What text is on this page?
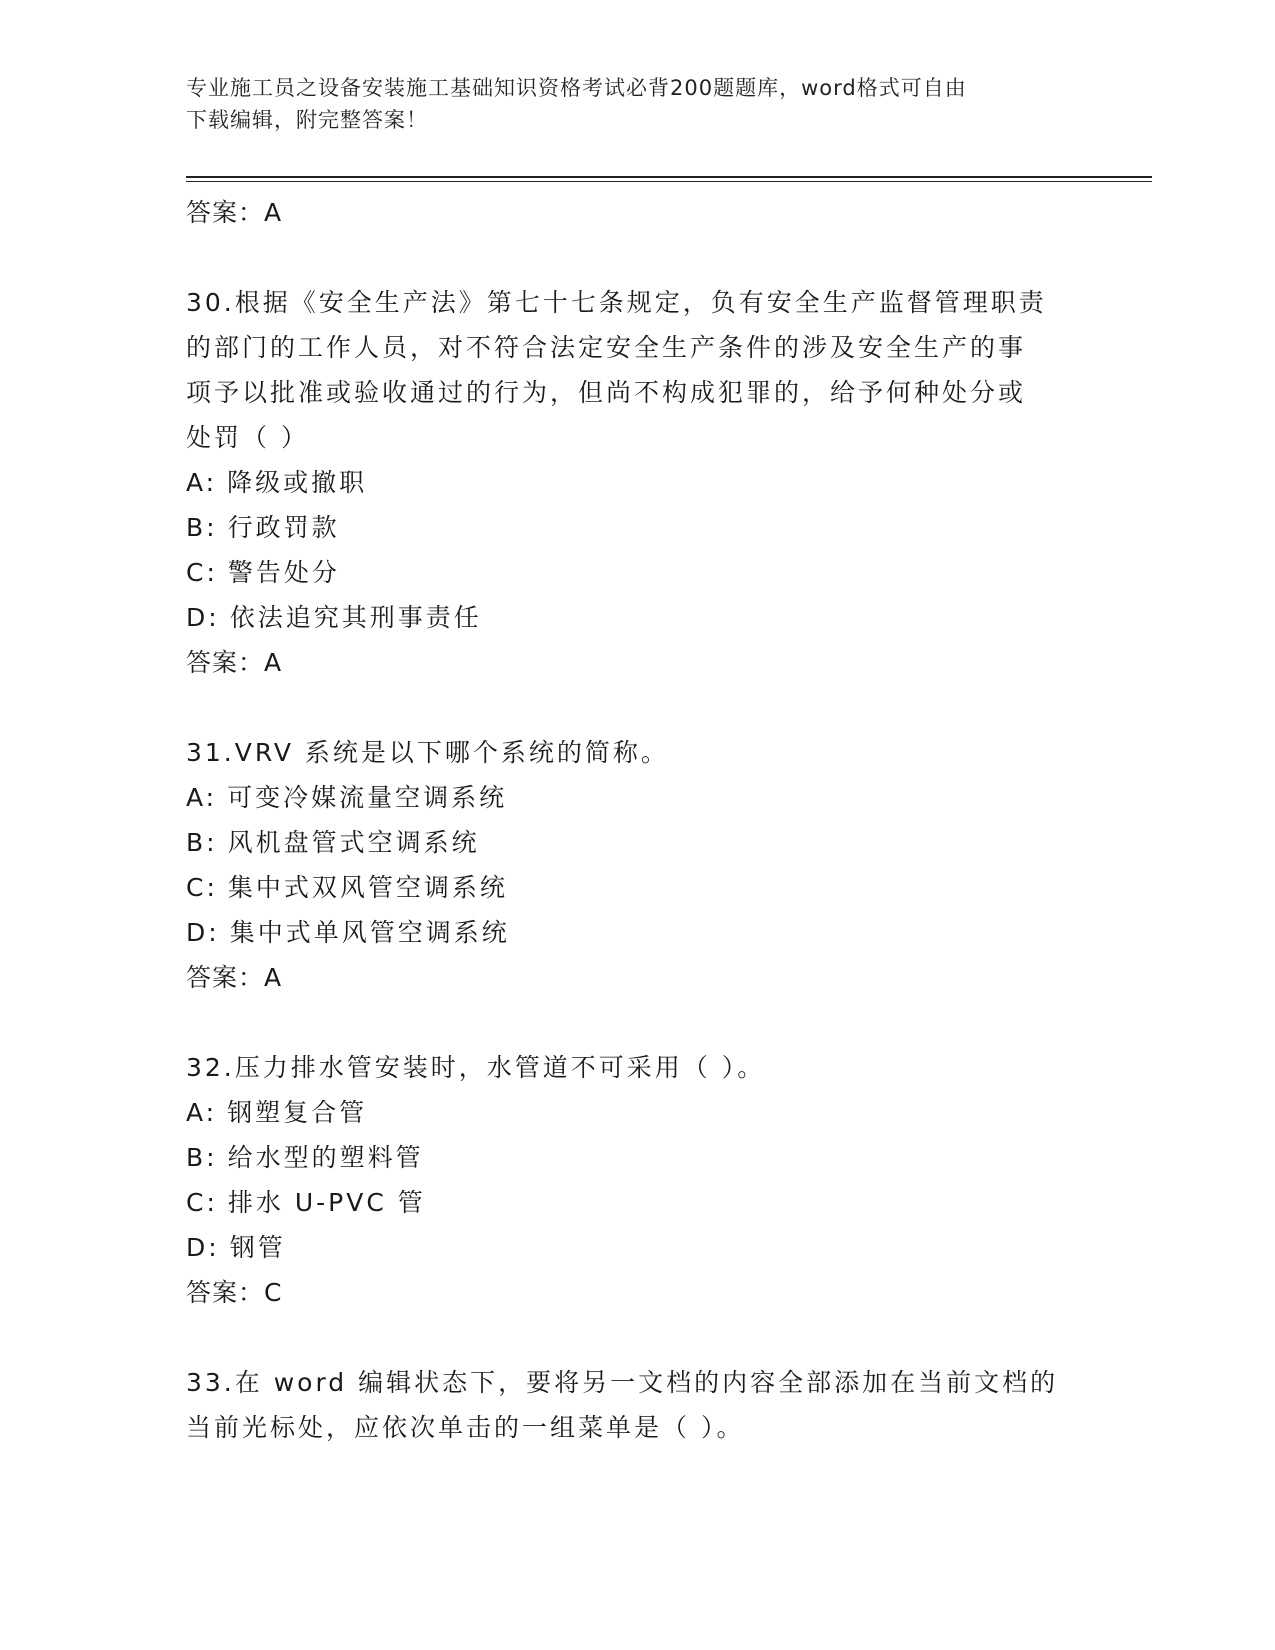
专业施工员之设备安装施工基础知识资格考试必背200题题库，word格式可自由
下载编辑，附完整答案！
答案：A
30.根据《安全生产法》第七十七条规定，负有安全生产监督管理职责
的部门的工作人员，对不符合法定安全生产条件的涉及安全生产的事
项予以批准或验收通过的行为，但尚不构成犯罪的，给予何种处分或
处罚（ ）
A: 降级或撤职
B: 行政罚款
C: 警告处分
D: 依法追究其刑事责任
答案：A
31.VRV 系统是以下哪个系统的简称。
A: 可变冷媒流量空调系统
B: 风机盘管式空调系统
C: 集中式双风管空调系统
D: 集中式单风管空调系统
答案：A
32.压力排水管安装时，水管道不可采用（ ）。
A: 钢塑复合管
B: 给水型的塑料管
C: 排水 U-PVC 管
D: 钢管
答案：C
33.在 word 编辑状态下，要将另一文档的内容全部添加在当前文档的
当前光标处，应依次单击的一组菜单是（ ）。
